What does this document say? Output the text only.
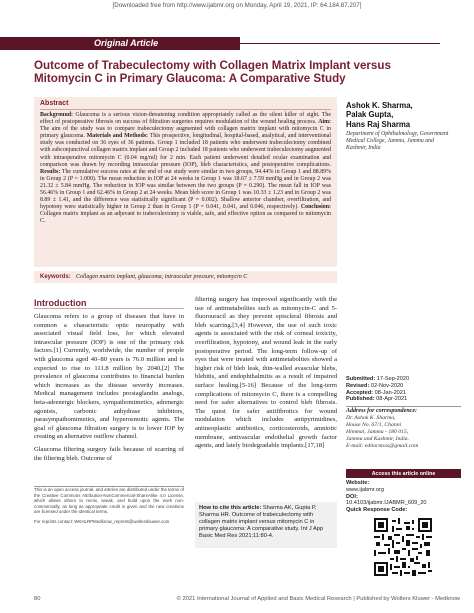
[Downloaded free from http://www.ijabmr.org on Monday, April 19, 2021, IP: 64.184.87.207]
Original Article
Outcome of Trabeculectomy with Collagen Matrix Implant versus Mitomycin C in Primary Glaucoma: A Comparative Study
Abstract
Background: Glaucoma is a serious vision-threatening condition appropriately called as the silent killer of sight. The effect of postoperative fibrosis on success of filtration surgeries requires modulation of the wound healing process. Aim: The aim of the study was to compare trabeculectomy augmented with collagen matrix implant with mitomycin C in primary glaucoma. Materials and Methods: This prospective, longitudinal, hospital-based, analytical, and interventional study was conducted on 36 eyes of 36 patients. Group 1 included 18 patients who underwent trabeculectomy combined with subconjunctival collagen matrix implant and Group 2 included 18 patients who underwent trabeculectomy augmented with intraoperative mitomycin C (0.04 mg/ml) for 2 min. Each patient underwent detailed ocular examination and comparison was drawn by recording intraocular pressure (IOP), bleb characteristics, and postoperative complications. Results: The cumulative success rates at the end of our study were similar in two groups, 94.44% in Group 1 and 88.89% in Group 2 (P = 1.000). The mean reduction in IOP at 24 weeks in Group 1 was 18.67 ± 7.59 mmHg and in Group 2 was 21.32 ± 5.84 mmHg. The reduction in IOP was similar between the two groups (P = 0.290). The mean fall in IOP was 56.46% in Group 1 and 62.46% in Group 2 at 24 weeks. Mean bleb score in Group 1 was 10.33 ± 1.23 and in Group 2 was 8.89 ± 1.41, and the difference was statistically significant (P = 0.002). Shallow anterior chamber, overfiltration, and hypotony were statistically higher in Group 2 than in Group 1 (P = 0.041, 0.041, and 0.046, respectively). Conclusion: Collagen matrix implant as an adjuvant to trabeculectomy is viable, safe, and effective option as compared to mitomycin C.
Keywords: Collagen matrix implant, glaucoma, intraocular pressure, mitomycin C
Ashok K. Sharma,
Palak Gupta,
Hans Raj Sharma
Department of Ophthalmology, Government Medical College, Jammu, Jammu and Kashmir, India
Introduction

Glaucoma refers to a group of diseases that have in common a characteristic optic neuropathy with associated visual field loss, for which elevated intraocular pressure (IOP) is one of the primary risk factors.[1] Currently, worldwide, the number of people with glaucoma aged 40–80 years is 76.0 million and is expected to rise to 111.8 million by 2040.[2] The prevalence of glaucoma contributes to financial burden which increases as the disease severity increases. Medical management includes prostaglandin analogs, beta-adrenergic blockers, sympathomimetics, adrenergic agonists, carbonic anhydrase inhibitors, parasympathomimetics, and hyperosmotic agents. The goal of glaucoma filtration surgery is to lower IOP by creating an alternative outflow channel.

Glaucoma filtering surgery fails because of scarring of the filtering bleb. Outcome of

filtering surgery has improved significantly with the use of antimetabolites such as mitomycin-C and 5-fluorouracil as they prevent episcleral fibrosis and bleb scarring.[3,4] However, the use of such toxic agents is associated with the risk of corneal toxicity, overfiltration, hypotony, and wound leak in the early postoperative period. The long-term follow-up of eyes that were treated with antimetabolites showed a higher risk of bleb leak, thin-walled avascular blebs, blebitis, and endophthalmitis as a result of impaired surface healing.[5-16] Because of the long-term complications of mitomycin C, there is a compelling need for safer alternatives to control bleb fibrosis. The quest for safer antifibrotics for wound modulation which includes antipyrimidines, antineoplastic antibiotics, corticosteroids, amniotic membrane, antivascular endothelial growth factor agents, and lately biodegradable implants.[17,18]

This is an open access journal, and articles are distributed under the terms of the Creative Commons Attribution-NonCommercial-ShareAlike 4.0 License, which allows others to remix, tweak, and build upon the work non-commercially, as long as appropriate credit is given and the new creations are licensed under the identical terms.
For reprints contact: WKHLRPMedknow_reprints@wolterskluwer.com
How to cite this article: Sharma AK, Gupta P, Sharma HR. Outcome of trabeculectomy with collagen matrix implant versus mitomycin C in primary glaucoma: A comparative study. Int J App Basic Med Res 2021;11:80-4.
Submitted: 17-Sep-2020
Revised: 02-Nov-2020
Accepted: 08-Jan-2021
Published: 08-Apr-2021
Address for correspondence:
Dr. Ashok K. Sharma,
House No. 67/1, Channi
Himmat, Jammu - 180 015,
Jammu and Kashmir, India.
E-mail: editormsss@gmail.com
Access this article online
Website:
www.ijabmr.org
DOI:
10.4103/ijabmr.IJABMR_609_20
Quick Response Code:
80	© 2021 International Journal of Applied and Basic Medical Research | Published by Wolters Kluwer - Medknow
